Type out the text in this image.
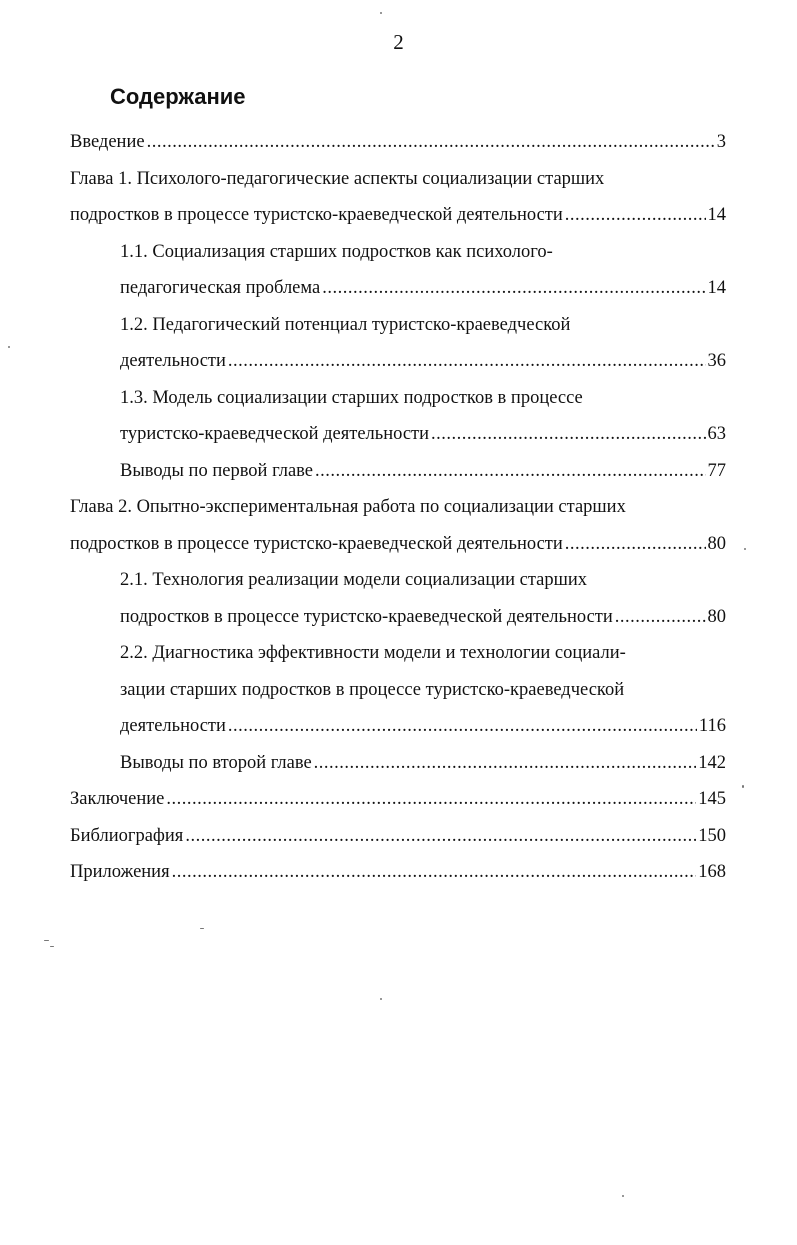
2
Содержание
Введение .....	3
Глава 1. Психолого-педагогические аспекты социализации старших
подростков в процессе туристско-краеведческой деятельности .....	14
1.1. Социализация старших подростков как психолого-
педагогическая проблема .....	14
1.2. Педагогический потенциал туристско-краеведческой
деятельности .....	36
1.3. Модель социализации старших подростков в процессе
туристско-краеведческой деятельности .....	63
Выводы по первой главе .....	77
Глава 2. Опытно-экспериментальная работа по социализации старших
подростков в процессе туристско-краеведческой деятельности .....	80
2.1. Технология реализации модели социализации старших
подростков в процессе туристско-краеведческой деятельности .....	80
2.2. Диагностика эффективности модели и технологии социали-
зации старших подростков в процессе туристско-краеведческой
деятельности .....	116
Выводы по второй главе .....	142
Заключение .....	145
Библиография .....	150
Приложения .....	168
